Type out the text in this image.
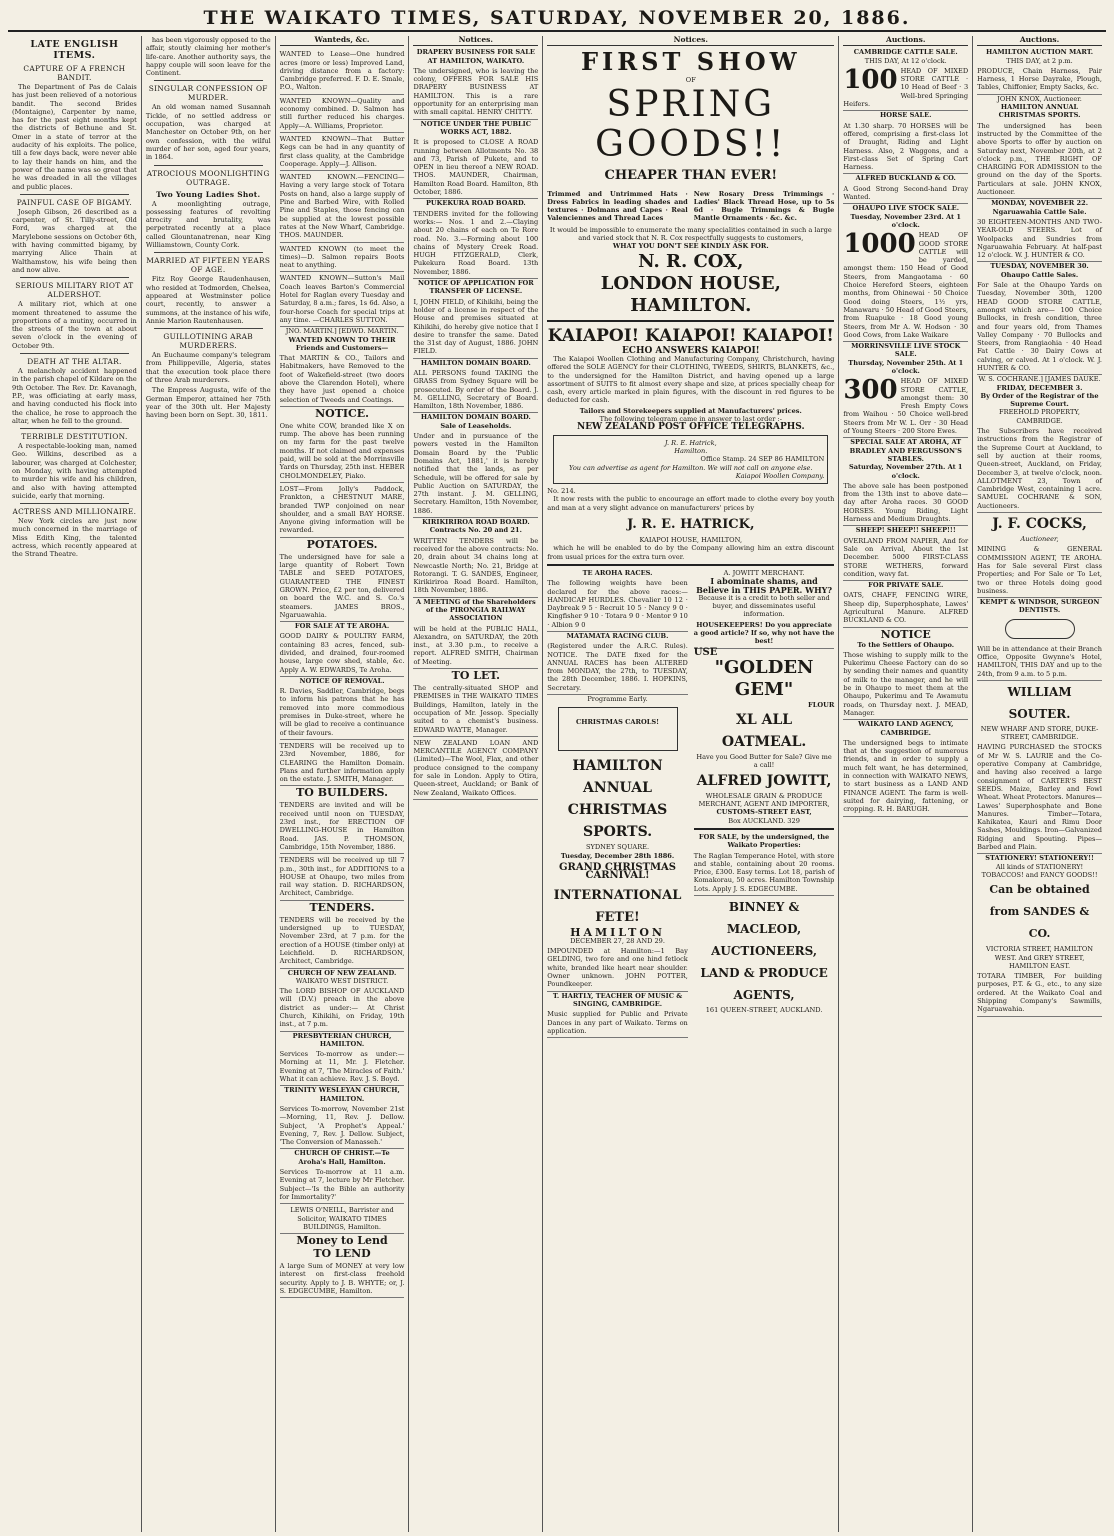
THE WAIKATO TIMES, SATURDAY, NOVEMBER 20, 1886.
LATE ENGLISH ITEMS.
CAPTURE OF A FRENCH BANDIT.

The Department of Pas de Calais has just been relieved of a notorious bandit. The second Brides (Montaigne), Carpenter by name, has for the past eight months kept the districts of Bethune and St. Omer in a state of terror at the audacity of his exploits. The police, till a few days back, were never able to lay their hands on him, and the power of the name was so great that he was dreaded in all the villages and public places.

PAINFUL CASE OF BIGAMY.

Joseph Gibson, 26 described as a carpenter, of St. Tilly-street, Old Ford, was charged at the Marylebone sessions on October 6th, with having committed bigamy, by marrying Alice Thain at Walthamstow, his wife being then and now alive.

SERIOUS MILITARY RIOT AT ALDERSHOT.

A military riot, which at one moment threatened to assume the proportions of a mutiny, occurred in the streets of the town at about seven o'clock in the evening of October 9th.

DEATH AT THE ALTAR.

A melancholy accident happened in the parish chapel of Kildare on the 9th October. The Rev. Dr. Kavanagh, P.P., was officiating at early mass, and having conducted his flock into the chalice, he rose to approach the altar, when he fell to the ground.

TERRIBLE DESTITUTION.

A respectable-looking man, named Geo. Wilkins, described as a labourer, was charged at Colchester, on Monday, with having attempted to murder his wife and his children, and also with having attempted suicide, early that morning.

ACTRESS AND MILLIONAIRE.

New York circles are just now much concerned in the marriage of Miss Edith King, the talented actress, which recently appeared at the Strand Theatre.

has been vigorously opposed to the affair, stoutly claiming her mother's life-care. Another authority says, the happy couple will soon leave for the Continent.

SINGULAR CONFESSION OF MURDER.

An old woman named Susannah Tickle, of no settled address or occupation, was charged at Manchester on October 9th, on her own confession, with the wilful murder of her son, aged four years, in 1864.

ATROCIOUS MOONLIGHTING OUTRAGE.
Two Young Ladies Shot.

A moonlighting outrage, possessing features of revolting atrocity and brutality, was perpetrated recently at a place called Glountanatrenan, near King Williamstown, County Cork.

MARRIED AT FIFTEEN YEARS OF AGE.

Fitz Roy George Raudenhausen, who resided at Todmorden, Chelsea, appeared at Westminster police court, recently, to answer a summons, at the instance of his wife, Annie Marion Rautenhausen.

GUILLOTINING ARAB MURDERERS.

An Euchaume company's telegram from Philippeville, Algeria, states that the execution took place there of three Arab murderers.

The Empress Augusta, wife of the German Emperor, attained her 75th year of the 30th ult. Her Majesty having been born on Sept. 30, 1811.

Wanteds, &c.
WANTED to Lease—One hundred acres (more or less) Improved Land, driving distance from a factory: Cambridge preferred. F. D. E. Smale, P.O., Walton.
WANTED KNOWN—Quality and economy combined. D. Salmon has still further reduced his charges. Apply—A. Williams, Proprietor.
WANTED KNOWN—That Butter Kegs can be had in any quantity of first class quality, at the Cambridge Cooperage. Apply—J. Allison.
WANTED KNOWN.—FENCING—Having a very large stock of Totara Posts on hand, also a large supply of Pine and Barbed Wire, with Rolled Pine and Staples, those fencing can be supplied at the lowest possible rates at the New Wharf, Cambridge. THOS. MAUNDER.
WANTED KNOWN (to meet the times)—D. Salmon repairs Boots neat to anything.
WANTED KNOWN—Sutton's Mail Coach leaves Barton's Commercial Hotel for Raglan every Tuesday and Saturday, 8 a.m.; fares, 1s 6d. Also, a four-horse Coach for special trips at any time. —CHARLES SUTTON.
JNO. MARTIN.] [EDWD. MARTIN.
WANTED KNOWN TO THEIR Friends and Customers—
That MARTIN & CO., Tailors and Habitmakers, have Removed to the foot of Wakefield-street (two doors above the Clarendon Hotel), where they have just opened a choice selection of Tweeds and Coatings.
NOTICE.
One white COW, branded like X on rump. The above has been running on my farm for the past twelve months. If not claimed and expenses paid, will be sold at the Morrinsville Yards on Thursday, 25th inst. HEBER CHOLMONDELEY, Piako.
LOST—From Jolly's Paddock, Frankton, a CHESTNUT MARE, branded TWP conjoined on near shoulder, and a small BAY HORSE. Anyone giving information will be rewarded.
POTATOES.
The undersigned have for sale a large quantity of Robert Town TABLE and SEED POTATOES, GUARANTEED THE FINEST GROWN. Price, £2 per ton, delivered on board the W.C. and S. Co.'s steamers. JAMES BROS., Ngaruawahia.
FOR SALE AT TE AROHA.
GOOD DAIRY & POULTRY FARM, containing 83 acres, fenced, sub-divided, and drained, four-roomed house, large cow shed, stable, &c. Apply A. W. EDWARDS, Te Aroha.
NOTICE OF REMOVAL.
R. Davies, Saddler, Cambridge, begs to inform his patrons that he has removed into more commodious premises in Duke-street, where he will be glad to receive a continuance of their favours.
TENDERS will be received up to 23rd November, 1886, for CLEARING the Hamilton Domain. Plans and further information apply on the estate. J. SMITH, Manager.
TO BUILDERS.
TENDERS are invited and will be received until noon on TUESDAY, 23rd inst., for ERECTION OF DWELLING-HOUSE in Hamilton Road. JAS. P. THOMSON, Cambridge, 15th November, 1886.
TENDERS will be received up till 7 p.m., 30th inst., for ADDITIONS to a HOUSE at Ohaupo, two miles from rail way station. D. RICHARDSON, Architect, Cambridge.
TENDERS.
TENDERS will be received by the undersigned up to TUESDAY, November 23rd, at 7 p.m. for the erection of a HOUSE (timber only) at Leichfield. D. RICHARDSON, Architect, Cambridge.
CHURCH OF NEW ZEALAND.
WAIKATO WEST DISTRICT.
The LORD BISHOP OF AUCKLAND will (D.V.) preach in the above district as under:— At Christ Church, Kihikihi, on Friday, 19th inst., at 7 p.m.
PRESBYTERIAN CHURCH, HAMILTON.
Services To-morrow as under:—Morning at 11, Mr. J. Fletcher. Evening at 7, 'The Miracles of Faith.' What it can achieve. Rev. J. S. Boyd.
TRINITY WESLEYAN CHURCH, HAMILTON.
Services To-morrow, November 21st—Morning, 11, Rev. J. Dellow. Subject, 'A Prophet's Appeal.' Evening, 7, Rev. J. Dellow. Subject, 'The Conversion of Manasseh.'
CHURCH OF CHRIST.—Te Aroha's Hall, Hamilton.
Services To-morrow at 11 a.m. Evening at 7, lecture by Mr Fletcher. Subject—'Is the Bible an authority for Immortality?'
LEWIS O'NEILL, Barrister and Solicitor, WAIKATO TIMES BUILDINGS, Hamilton.
Money to Lend
TO LEND
A large Sum of MONEY at very low interest on first-class freehold security. Apply to J. B. WHYTE; or, J. S. EDGECUMBE, Hamilton.
Notices.
DRAPERY BUSINESS FOR SALE AT HAMILTON, WAIKATO.
The undersigned, who is leaving the colony, OFFERS FOR SALE HIS DRAPERY BUSINESS AT HAMILTON. This is a rare opportunity for an enterprising man with small capital. HENRY CHITTY.
NOTICE UNDER THE PUBLIC WORKS ACT, 1882.
It is proposed to CLOSE A ROAD running between Allotments No. 38 and 73, Parish of Pukete, and to OPEN in lieu thereof a NEW ROAD. THOS. MAUNDER, Chairman, Hamilton Road Board. Hamilton, 8th October, 1886.
PUKEKURA ROAD BOARD.
TENDERS invited for the following works:— Nos. 1 and 2.—Claying about 20 chains of each on Te Rore road. No. 3.—Forming about 100 chains of Mystery Creek Road. HUGH FITZGERALD, Clerk, Pukekura Road Board. 13th November, 1886.
NOTICE OF APPLICATION FOR TRANSFER OF LICENSE.
I, JOHN FIELD, of Kihikihi, being the holder of a license in respect of the House and premises situated at Kihikihi, do hereby give notice that I desire to transfer the same. Dated the 31st day of August, 1886. JOHN FIELD.
HAMILTON DOMAIN BOARD.
ALL PERSONS found TAKING the GRASS from Sydney Square will be prosecuted. By order of the Board. J. M. GELLING, Secretary of Board. Hamilton, 18th November, 1886.
HAMILTON DOMAIN BOARD. Sale of Leaseholds.
Under and in pursuance of the powers vested in the Hamilton Domain Board by the 'Public Domains Act, 1881,' it is hereby notified that the lands, as per Schedule, will be offered for sale by Public Auction on SATURDAY, the 27th instant. J. M. GELLING, Secretary. Hamilton, 15th November, 1886.
KIRIKIRIROA ROAD BOARD. Contracts No. 20 and 21.
WRITTEN TENDERS will be received for the above contracts: No. 20, drain about 34 chains long at Newcastle North; No. 21, Bridge at Rotorangi. T. G. SANDES, Engineer, Kirikiriroa Road Board. Hamilton, 18th November, 1886.
A MEETING of the Shareholders of the PIRONGIA RAILWAY ASSOCIATION
will be held at the PUBLIC HALL, Alexandra, on SATURDAY, the 20th inst., at 3.30 p.m., to receive a report. ALFRED SMITH, Chairman of Meeting.
TO LET.
The centrally-situated SHOP and PREMISES in THE WAIKATO TIMES Buildings, Hamilton, lately in the occupation of Mr. Jessop. Specially suited to a chemist's business. EDWARD WAYTE, Manager.
NEW ZEALAND LOAN AND MERCANTILE AGENCY COMPANY (Limited)—The Wool, Flax, and other produce consigned to the company for sale in London. Apply to Otira, Queen-street, Auckland; or Bank of New Zealand, Waikato Offices.
Notices.
FIRST SHOW
OF
SPRING GOODS!!
CHEAPER THAN EVER!
Trimmed and Untrimmed Hats · Dress Fabrics in leading shades and textures · Dolmans and Capes · Real Valenciennes and Thread Laces
New Rosary Dress Trimmings · Ladies' Black Thread Hose, up to 5s 6d · Bugle Trimmings & Bugle Mantle Ornaments · &c. &c.
It would be impossible to enumerate the many specialities contained in such a large and varied stock that N. R. Cox respectfully suggests to customers,
WHAT YOU DON'T SEE KINDLY ASK FOR.
N. R. COX,
LONDON HOUSE, HAMILTON.
KAIAPOI! KAIAPOI! KAIAPOI!
ECHO ANSWERS KAIAPOI!

The Kaiapoi Woollen Clothing and Manufacturing Company, Christchurch, having offered the SOLE AGENCY for their CLOTHING, TWEEDS, SHIRTS, BLANKETS, &c., to the undersigned for the Hamilton District, and having opened up a large assortment of SUITS to fit almost every shape and size, at prices specially cheap for cash, every article marked in plain figures, with the discount in red figures to be deducted for cash.

Tailors and Storekeepers supplied at Manufacturers' prices.
The following telegram came in answer to last order :-
NEW ZEALAND POST OFFICE TELEGRAPHS.
J. R. E. Hatrick,
Hamilton.
Office Stamp. 24 SEP 86 HAMILTON
You can advertise as agent for Hamilton. We will not call on anyone else.
Kaiapoi Woollen Company.
No. 214.

It now rests with the public to encourage an effort made to clothe every boy youth and man at a very slight advance on manufacturers' prices by

J. R. E. HATRICK,
KAIAPOI HOUSE, HAMILTON,

which he will be enabled to do by the Company allowing him an extra discount from usual prices for the extra turn over.

TE AROHA RACES.
The following weights have been declared for the above races:— HANDICAP HURDLES. Chevalier 10 12 · Daybreak 9 5 · Recruit 10 5 · Nancy 9 0 · Kingfisher 9 10 · Totara 9 0 · Mentor 9 10 · Albion 9 0
MATAMATA RACING CLUB.
(Registered under the A.R.C. Rules). NOTICE. The DATE fixed for the ANNUAL RACES has been ALTERED from MONDAY, the 27th, to TUESDAY, the 28th December, 1886. I. HOPKINS, Secretary.
Programme Early.
CHRISTMAS CAROLS!
HAMILTON ANNUAL CHRISTMAS SPORTS.
SYDNEY SQUARE.
Tuesday, December 28th 1886.
GRAND CHRISTMAS CARNIVAL!
INTERNATIONAL FETE!
HAMILTON
DECEMBER 27, 28 AND 29.
IMPOUNDED at Hamilton:—1 Bay GELDING, two fore and one hind fetlock white, branded like heart near shoulder. Owner unknown. JOHN POTTER, Poundkeeper.
T. HARTLY, TEACHER OF MUSIC & SINGING, CAMBRIDGE.
Music supplied for Public and Private Dances in any part of Waikato. Terms on application.
A. JOWITT MERCHANT.
I abominate shams, and
Believe in THIS PAPER. WHY?
Because it is a credit to both seller and buyer, and disseminates useful information.
HOUSEKEEPERS! Do you appreciate a good article? If so, why not have the best!
USE
"GOLDEN GEM"
FLOUR
XL ALL OATMEAL.
Have you Good Butter for Sale? Give me a call!
ALFRED JOWITT,
WHOLESALE GRAIN & PRODUCE MERCHANT, AGENT AND IMPORTER,
CUSTOMS-STREET EAST,
Box AUCKLAND. 329
FOR SALE, by the undersigned, the Waikato Properties:
The Raglan Temperance Hotel, with store and stable, containing about 20 rooms. Price, £300. Easy terms. Lot 18, parish of Komakorau, 50 acres. Hamilton Township Lots. Apply J. S. EDGECUMBE.
BINNEY & MACLEOD, AUCTIONEERS, LAND & PRODUCE AGENTS,
161 QUEEN-STREET, AUCKLAND.
Auctions.
CAMBRIDGE CATTLE SALE.
THIS DAY, At 12 o'clock.
100 HEAD OF MIXED STORE CATTLE · 10 Head of Beef · 3 Well-bred Springing Heifers.
HORSE SALE.
At 1.30 sharp. 70 HORSES will be offered, comprising a first-class lot of Draught, Riding and Light Harness. Also, 2 Waggons, and a First-class Set of Spring Cart Harness.
ALFRED BUCKLAND & CO.
A Good Strong Second-hand Dray Wanted.
OHAUPO LIVE STOCK SALE.
Tuesday, November 23rd. At 1 o'clock.
1000 HEAD OF GOOD STORE CATTLE will be yarded, amongst them: 150 Head of Good Steers, from Mangaotama · 60 Choice Hereford Steers, eighteen months, from Ohinewai · 50 Choice Good doing Steers, 1½ yrs, Manawaru · 50 Head of Good Steers, from Ruapuke · 18 Good young Steers, from Mr A. W. Hodson · 30 Good Cows, from Lake Waikare
MORRINSVILLE LIVE STOCK SALE.
Thursday, November 25th. At 1 o'clock.
300 HEAD OF MIXED STORE CATTLE, amongst them: 30 Fresh Empty Cows from Waihou · 50 Choice well-bred Steers from Mr W. L. Orr · 30 Head of Young Steers · 200 Store Ewes.
SPECIAL SALE AT AROHA, AT BRADLEY AND FERGUSSON'S STABLES.
Saturday, November 27th. At 1 o'clock.
The above sale has been postponed from the 13th inst to above date—day after Aroha races. 30 GOOD HORSES. Young Riding, Light Harness and Medium Draughts.
SHEEP! SHEEP!! SHEEP!!!
OVERLAND FROM NAPIER, And for Sale on Arrival, About the 1st December. 5000 FIRST-CLASS STORE WETHERS, forward condition, wavy fat.
FOR PRIVATE SALE.
OATS, CHAFF, FENCING WIRE, Sheep dip, Superphosphate, Lawes' Agricultural Manure. ALFRED BUCKLAND & CO.
NOTICE
To the Settlers of Ohaupo.
Those wishing to supply milk to the Pukerimu Cheese Factory can do so by sending their names and quantity of milk to the manager, and he will be in Ohaupo to meet them at the Ohaupo, Pukerimu and Te Awamutu roads, on Thursday next. J. MEAD, Manager.
WAIKATO LAND AGENCY, CAMBRIDGE.
The undersigned begs to intimate that at the suggestion of numerous friends, and in order to supply a much felt want, he has determined, in connection with WAIKATO NEWS, to start business as a LAND AND FINANCE AGENT. The farm is well-suited for dairying, fattening, or cropping. R. H. BARUGH.
Auctions.
HAMILTON AUCTION MART.
THIS DAY, at 2 p.m.
PRODUCE, Chain Harness, Pair Harness, 1 Horse Dayrake, Plough, Tables, Chiffonier, Empty Sacks, &c.
JOHN KNOX, Auctioneer.
HAMILTON ANNUAL CHRISTMAS SPORTS.
The undersigned has been instructed by the Committee of the above Sports to offer by auction on Saturday next, November 20th, at 2 o'clock p.m., THE RIGHT OF CHARGING FOR ADMISSION to the ground on the day of the Sports. Particulars at sale. JOHN KNOX, Auctioneer.
MONDAY, NOVEMBER 22.
Ngaruawahia Cattle Sale.
30 EIGHTEEN-MONTHS AND TWO-YEAR-OLD STEERS. Lot of Woolpacks and Sundries from Ngaruawahia February. At half-past 12 o'clock. W. J. HUNTER & CO.
TUESDAY, NOVEMBER 30.
Ohaupo Cattle Sales.
For Sale at the Ohaupo Yards on Tuesday, November 30th, 1200 HEAD GOOD STORE CATTLE, amongst which are— 100 Choice Bullocks, in fresh condition, three and four years old, from Thames Valley Company · 70 Bullocks and Steers, from Rangiaohia · 40 Head Fat Cattle · 30 Dairy Cows at calving, or calved. At 1 o'clock. W. J. HUNTER & CO.
W. S. COCHRANE.] [JAMES DAUKE.
FRIDAY, DECEMBER 3.
By Order of the Registrar of the Supreme Court.
FREEHOLD PROPERTY, CAMBRIDGE.
The Subscribers have received instructions from the Registrar of the Supreme Court at Auckland, to sell by auction at their rooms, Queen-street, Auckland, on Friday, December 3, at twelve o'clock, noon. ALLOTMENT 23, Town of Cambridge West, containing 1 acre. SAMUEL COCHRANE & SON, Auctioneers.
J. F. COCKS,
Auctioneer,
MINING & GENERAL COMMISSION AGENT, TE AROHA. Has for Sale several First class Properties; and For Sale or To Let, two or three Hotels doing good business.
KEMPT & WINDSOR, SURGEON DENTISTS.
Will be in attendance at their Branch Office, Opposite Gwynne's Hotel, HAMILTON, THIS DAY and up to the 24th, from 9 a.m. to 5 p.m.
WILLIAM SOUTER.
NEW WHARF AND STORE, DUKE-STREET, CAMBRIDGE.
HAVING PURCHASED the STOCKS of Mr W. S. LAURIE and the Co-operative Company at Cambridge, and having also received a large consignment of CARTER'S BEST SEEDS. Maize, Barley and Fowl Wheat. Wheat Protectors. Manures—Lawes' Superphosphate and Bone Manures. Timber—Totara, Kahikatea, Kauri and Rimu Door Sashes, Mouldings. Iron—Galvanized Ridging and Spouting. Pipes—Barbed and Plain.
STATIONERY! STATIONERY!!
All kinds of STATIONERY! TOBACCOS! and FANCY GOODS!!
Can be obtained from SANDES & CO.
VICTORIA STREET, HAMILTON WEST. And GREY STREET, HAMILTON EAST.
TOTARA TIMBER, For building purposes, P.T. & G., etc., to any size ordered. At the Waikato Coal and Shipping Company's Sawmills, Ngaruawahia.
